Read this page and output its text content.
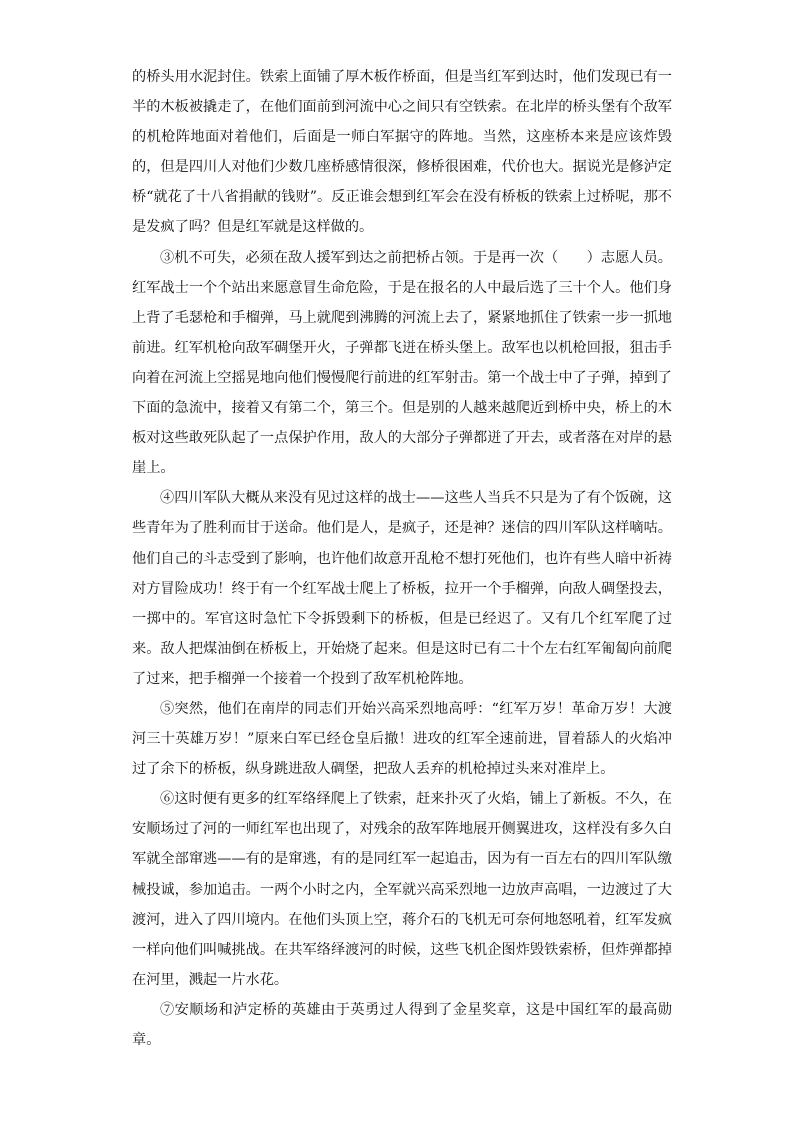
的桥头用水泥封住。铁索上面铺了厚木板作桥面，但是当红军到达时，他们发现已有一半的木板被撬走了，在他们面前到河流中心之间只有空铁索。在北岸的桥头堡有个敌军的机枪阵地面对着他们，后面是一师白军据守的阵地。当然，这座桥本来是应该炸毁的，但是四川人对他们少数几座桥感情很深，修桥很困难，代价也大。据说光是修泸定桥“就花了十八省捐献的钱财”。反正谁会想到红军会在没有桥板的铁索上过桥呢，那不是发疯了吗？但是红军就是这样做的。

③机不可失，必须在敌人援军到达之前把桥占领。于是再一次（　　）志愿人员。红军战士一个个站出来愿意冒生命危险，于是在报名的人中最后选了三十个人。他们身上背了毛瑟枪和手榴弹，马上就爬到沸腾的河流上去了，紧紧地抓住了铁索一步一抓地前进。红军机枪向敌军碉堡开火，子弹都飞迸在桥头堡上。敌军也以机枪回报，狙击手向着在河流上空摇晃地向他们慢慢爬行前进的红军射击。第一个战士中了子弹，掉到了下面的急流中，接着又有第二个，第三个。但是别的人越来越爬近到桥中央，桥上的木板对这些敢死队起了一点保护作用，敌人的大部分子弹都迸了开去，或者落在对岸的悬崖上。

④四川军队大概从来没有见过这样的战士——这些人当兵不只是为了有个饭碗，这些青年为了胜利而甘于送命。他们是人，是疯子，还是神？迷信的四川军队这样嘀咕。他们自己的斗志受到了影响，也许他们故意开乱枪不想打死他们，也许有些人暗中祈祷对方冒险成功！终于有一个红军战士爬上了桥板，拉开一个手榴弹，向敌人碉堡投去，一掷中的。军官这时急忙下令拆毁剩下的桥板，但是已经迟了。又有几个红军爬了过来。敌人把煤油倒在桥板上，开始烧了起来。但是这时已有二十个左右红军匍匐向前爬了过来，把手榴弹一个接着一个投到了敌军机枪阵地。

⑤突然，他们在南岸的同志们开始兴高采烈地高呼：“红军万岁！革命万岁！大渡河三十英雄万岁！”原来白军已经仓皇后撤！进攻的红军全速前进，冒着舔人的火焰冲过了余下的桥板，纵身跳进敌人碉堡，把敌人丢弃的机枪掉过头来对准岸上。

⑥这时便有更多的红军络绎爬上了铁索，赶来扑灭了火焰，铺上了新板。不久，在安顺场过了河的一师红军也出现了，对残余的敌军阵地展开侧翼进攻，这样没有多久白军就全部窜逃——有的是窜逃，有的是同红军一起追击，因为有一百左右的四川军队缴械投诚，参加追击。一两个小时之内，全军就兴高采烈地一边放声高唱，一边渡过了大渡河，进入了四川境内。在他们头顶上空，蒋介石的飞机无可奈何地怒吼着，红军发疯一样向他们叫喊挑战。在共军络绎渡河的时候，这些飞机企图炸毁铁索桥，但炸弹都掉在河里，溅起一片水花。

⑦安顺场和泸定桥的英雄由于英勇过人得到了金星奖章，这是中国红军的最高勋章。
